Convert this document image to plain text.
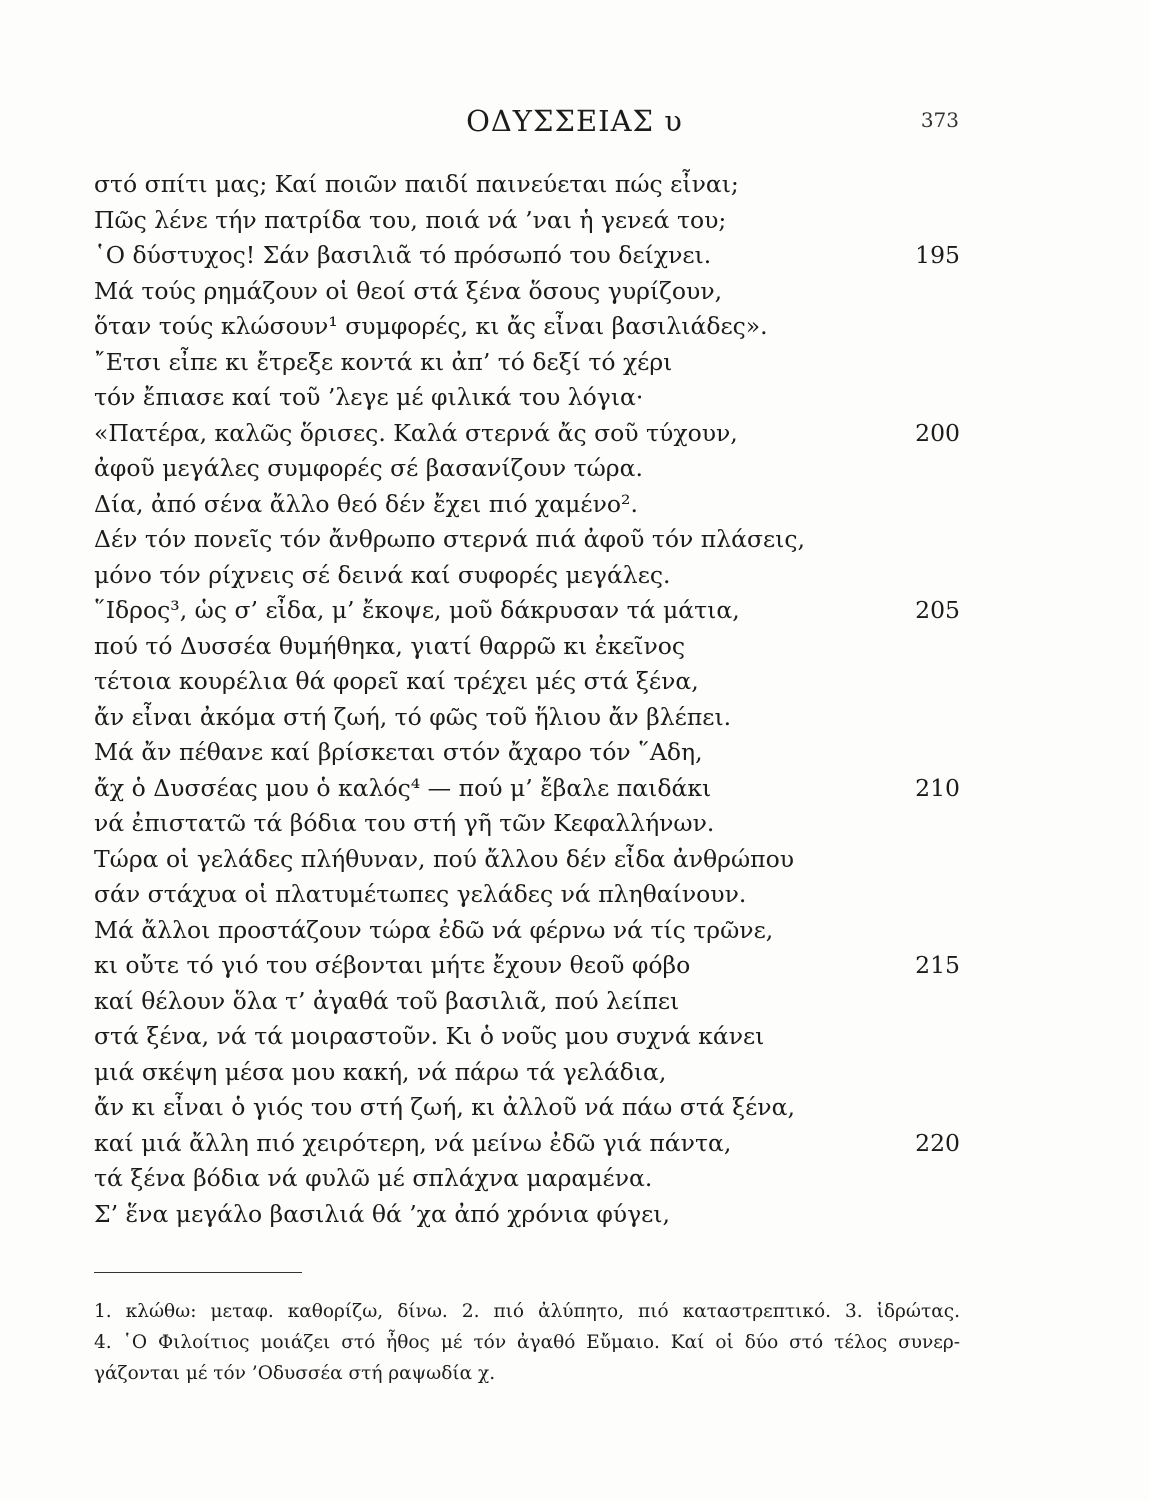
ΟΔΥΣΣΕΙΑΣ υ	373
στό σπίτι μας; Καί ποιῶν παιδί παινεύεται πώς εἶναι;
Πῶς λένε τήν πατρίδα του, ποιά νά ’ναι ἡ γενεά του;
῾Ο δύστυχος! Σάν βασιλιᾶ τό πρόσωπό του δείχνει.	195
Μά τούς ρημάζουν οἱ θεοί στά ξένα ὅσους γυρίζουν,
ὅταν τούς κλώσουν¹ συμφορές, κι ἄς εἶναι βασιλιάδες».
῎Ετσι εἶπε κι ἔτρεξε κοντά κι ἀπ’ τό δεξί τό χέρι
τόν ἔπιασε καί τοῦ ’λεγε μέ φιλικά του λόγια·
«Πατέρα, καλῶς ὅρισες. Καλά στερνά ἄς σοῦ τύχουν,	200
ἀφοῦ μεγάλες συμφορές σέ βασανίζουν τώρα.
Δία, ἀπό σένα ἄλλο θεό δέν ἔχει πιό χαμένο².
Δέν τόν πονεῖς τόν ἄνθρωπο στερνά πιά ἀφοῦ τόν πλάσεις,
μόνο τόν ρίχνεις σέ δεινά καί συφορές μεγάλες.
῞Ιδρος³, ὡς σ’ εἶδα, μ’ ἔκοψε, μοῦ δάκρυσαν τά μάτια,	205
πού τό Δυσσέα θυμήθηκα, γιατί θαρρῶ κι ἐκεῖνος
τέτοια κουρέλια θά φορεῖ καί τρέχει μές στά ξένα,
ἄν εἶναι ἀκόμα στή ζωή, τό φῶς τοῦ ἥλιου ἄν βλέπει.
Μά ἄν πέθανε καί βρίσκεται στόν ἄχαρο τόν ῞Αδη,
ἄχ ὁ Δυσσέας μου ὁ καλός⁴ — πού μ’ ἔβαλε παιδάκι	210
νά ἐπιστατῶ τά βόδια του στή γῆ τῶν Κεφαλλήνων.
Τώρα οἱ γελάδες πλήθυναν, πού ἄλλου δέν εἶδα ἀνθρώπου
σάν στάχυα οἱ πλατυμέτωπες γελάδες νά πληθαίνουν.
Μά ἄλλοι προστάζουν τώρα ἐδῶ νά φέρνω νά τίς τρῶνε,
κι οὔτε τό γιό του σέβονται μήτε ἔχουν θεοῦ φόβο	215
καί θέλουν ὅλα τ’ ἀγαθά τοῦ βασιλιᾶ, πού λείπει
στά ξένα, νά τά μοιραστοῦν. Κι ὁ νοῦς μου συχνά κάνει
μιά σκέψη μέσα μου κακή, νά πάρω τά γελάδια,
ἄν κι εἶναι ὁ γιός του στή ζωή, κι ἀλλοῦ νά πάω στά ξένα,
καί μιά ἄλλη πιό χειρότερη, νά μείνω ἐδῶ γιά πάντα,	220
τά ξένα βόδια νά φυλῶ μέ σπλάχνα μαραμένα.
Σ’ ἕνα μεγάλο βασιλιά θά ’χα ἀπό χρόνια φύγει,
1. κλώθω: μεταφ. καθορίζω, δίνω. 2. πιό ἀλύπητο, πιό καταστρεπτικό. 3. ἱδρώτας.
4. ῾Ο Φιλοίτιος μοιάζει στό ἦθος μέ τόν ἀγαθό Εὔμαιο. Καί οἱ δύο στό τέλος συνερ-
γάζονται μέ τόν ’Οδυσσέα στή ραψωδία χ.
